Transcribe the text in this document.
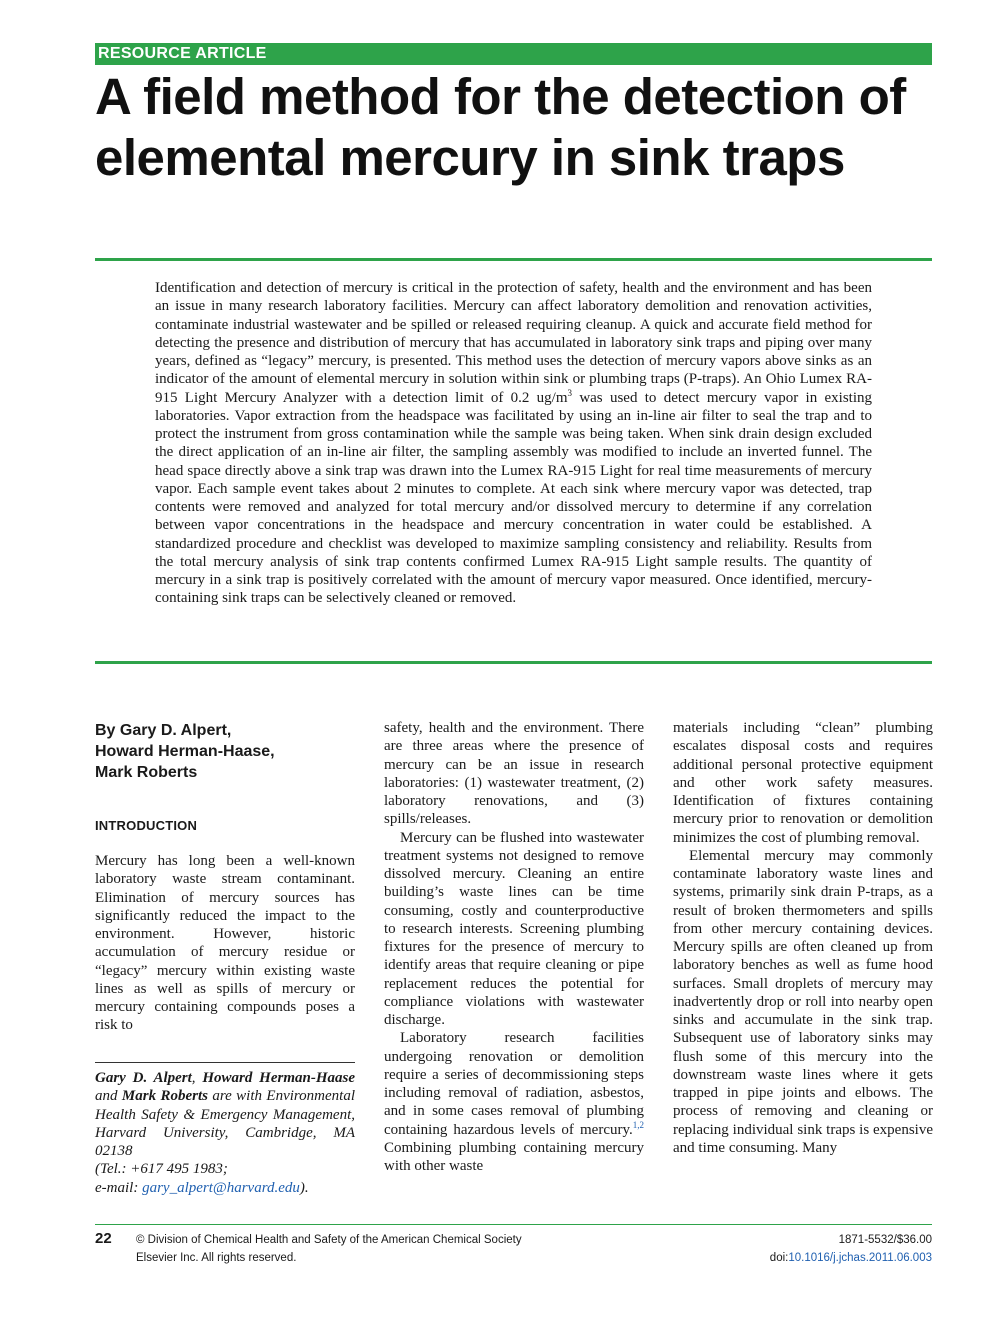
RESOURCE ARTICLE
A field method for the detection of elemental mercury in sink traps

Identification and detection of mercury is critical in the protection of safety, health and the environment and has been an issue in many research laboratory facilities. Mercury can affect laboratory demolition and renovation activities, contaminate industrial wastewater and be spilled or released requiring cleanup. A quick and accurate field method for detecting the presence and distribution of mercury that has accumulated in laboratory sink traps and piping over many years, defined as “legacy” mercury, is presented. This method uses the detection of mercury vapors above sinks as an indicator of the amount of elemental mercury in solution within sink or plumbing traps (P-traps). An Ohio Lumex RA-915 Light Mercury Analyzer with a detection limit of 0.2 $ug/m^3$ was used to detect mercury vapor in existing laboratories. Vapor extraction from the headspace was facilitated by using an in-line air filter to seal the trap and to protect the instrument from gross contamination while the sample was being taken. When sink drain design excluded the direct application of an in-line air filter, the sampling assembly was modified to include an inverted funnel. The head space directly above a sink trap was drawn into the Lumex RA-915 Light for real time measurements of mercury vapor. Each sample event takes about 2 minutes to complete. At each sink where mercury vapor was detected, trap contents were removed and analyzed for total mercury and/or dissolved mercury to determine if any correlation between vapor concentrations in the headspace and mercury concentration in water could be established. A standardized procedure and checklist was developed to maximize sampling consistency and reliability. Results from the total mercury analysis of sink trap contents confirmed Lumex RA-915 Light sample results. The quantity of mercury in a sink trap is positively correlated with the amount of mercury vapor measured. Once identified, mercury-containing sink traps can be selectively cleaned or removed.

By Gary D. Alpert,
Howard Herman-Haase,
Mark Roberts
INTRODUCTION

Mercury has long been a well-known laboratory waste stream contaminant. Elimination of mercury sources has significantly reduced the impact to the environment. However, historic accumulation of mercury residue or “legacy” mercury within existing waste lines as well as spills of mercury or mercury containing compounds poses a risk to

Gary D. Alpert, Howard Herman-Haase and Mark Roberts are with Environmental Health Safety & Emergency Management, Harvard University, Cambridge, MA 02138
(Tel.: +617 495 1983;
e-mail: gary_alpert@harvard.edu).

safety, health and the environment. There are three areas where the presence of mercury can be an issue in research laboratories: (1) wastewater treatment, (2) laboratory renovations, and (3) spills/releases.

Mercury can be flushed into wastewater treatment systems not designed to remove dissolved mercury. Cleaning an entire building’s waste lines can be time consuming, costly and counterproductive to research interests. Screening plumbing fixtures for the presence of mercury to identify areas that require cleaning or pipe replacement reduces the potential for compliance violations with wastewater discharge.

Laboratory research facilities undergoing renovation or demolition require a series of decommissioning steps including removal of radiation, asbestos, and in some cases removal of plumbing containing hazardous levels of mercury.$^{1,2}$ Combining plumbing containing mercury with other waste

materials including “clean” plumbing escalates disposal costs and requires additional personal protective equipment and other work safety measures. Identification of fixtures containing mercury prior to renovation or demolition minimizes the cost of plumbing removal.

Elemental mercury may commonly contaminate laboratory waste lines and systems, primarily sink drain P-traps, as a result of broken thermometers and spills from other mercury containing devices. Mercury spills are often cleaned up from laboratory benches as well as fume hood surfaces. Small droplets of mercury may inadvertently drop or roll into nearby open sinks and accumulate in the sink trap. Subsequent use of laboratory sinks may flush some of this mercury into the downstream waste lines where it gets trapped in pipe joints and elbows. The process of removing and cleaning or replacing individual sink traps is expensive and time consuming. Many

22 © Division of Chemical Health and Safety of the American Chemical Society
Elsevier Inc. All rights reserved.
1871-5532/$36.00
doi:10.1016/j.jchas.2011.06.003
